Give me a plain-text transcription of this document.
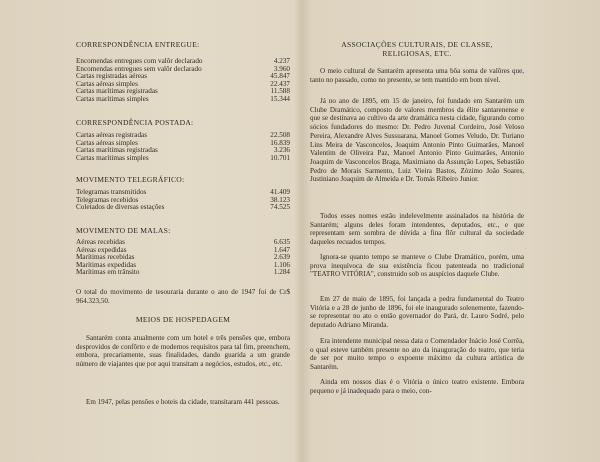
CORRESPONDÊNCIA ENTREGUE:
Encomendas entregues com valôr declarado	4.237
Encomendas entregues sem valôr declarado	3.960
Cartas registradas aéreas	45.847
Cartas aéreas simples	22.437
Cartas marítimas registradas	11.588
Cartas marítimas simples	15.344
CORRESPONDÊNCIA POSTADA:
Cartas aéreas registradas	22.508
Cartas aéreas simples	16.839
Cartas marítimas registradas	3.236
Cartas marítimas simples	10.701
MOVIMENTO TELEGRÁFICO:
Telegramas transmitidos	41.409
Telegramas recebidos	38.123
Coletados de diversas estações	74.525
MOVIMENTO DE MALAS:
Aéreas recebidas	6.635
Aéreas expedidas	1.647
Marítimas recebidas	2.639
Marítimas expedidas	1.106
Marítimas em trânsito	1.284

O total do movimento de tesouraria durante o ano de 1947 foi de Cr$ 964.323,50.

MEIOS DE HOSPEDAGEM

Santarém conta atualmente com um hotel e três pensões que, embora desprovidos de confôrto e de modernos requisitos para tal fim, preenchem, embora, precariamente, suas finalidades, dando guarida a um grande número de viajantes que por aqui transitam a negócios, estudos, etc., etc.

Em 1947, pelas pensões e hoteis da cidade, transitaram 441 pessoas.

ASSOCIAÇÕES CULTURAIS, DE CLASSE,
RELIGIOSAS, ETC.

O meio cultural de Santarém apresenta uma bôa soma de valôres que, tanto no passado, como no presente, se tem mantido em bom nivel.

Já no ano de 1895, em 15 de janeiro, foi fundado em Santarém um Clube Dramático, composto de valores membros da élite santarenense e que se destinava ao cultivo da arte dramática nesta cidade, figurando como sócios fundadores do mesmo: Dr. Pedro Juvenal Cordeiro, José Veloso Pereira, Alexandre Alves Sussuarana, Manoel Gomes Veludo, Dr. Turiano Lins Meira de Vasconcelos, Joaquim Antonio Pinto Guimarães, Manoel Valentim de Oliveira Paz, Manoel Antonio Pinto Guimarães, Antonio Joaquim de Vasconcelos Braga, Maximiano da Assunção Lopes, Sebastião Pedro de Morais Sarmento, Luiz Vieira Bastos, Zózimo João Soares, Justiniano Joaquim de Almeida e Dr. Tomás Ribeiro Junior.

Todos esses nomes estão indelevelmente assinalados na história de Santarém; alguns deles foram intendentes, deputados, etc., e que representam sem sombra de dúvida a fina flôr cultural da sociedade daqueles recuados tempos.

Ignora-se quanto tempo se manteve o Clube Dramático, porém, uma prova inequívoca de sua existência ficou patenteada no tradicional "TEATRO VITÓRIA", construido sob os auspícios daquele Clube.

Em 27 de maio de 1895, foi lançada a pedra fundamental do Teatro Vitória e a 28 de junho de 1896, foi ele inaugurado solenemente, fazendo-se representar no ato o então governador do Pará, dr. Lauro Sodré, pelo deputado Adriano Miranda.

Era intendente municipal nessa data o Comendador Inácio José Corrêa, o qual esteve também presente no ato da inauguração do teatro, que teria de ser por muito tempo o expoente máximo da cultura artística de Santarém.

Ainda em nossos dias é o Vitória o único teatro existente. Embora pequeno e já inadequado para o meio, con-
